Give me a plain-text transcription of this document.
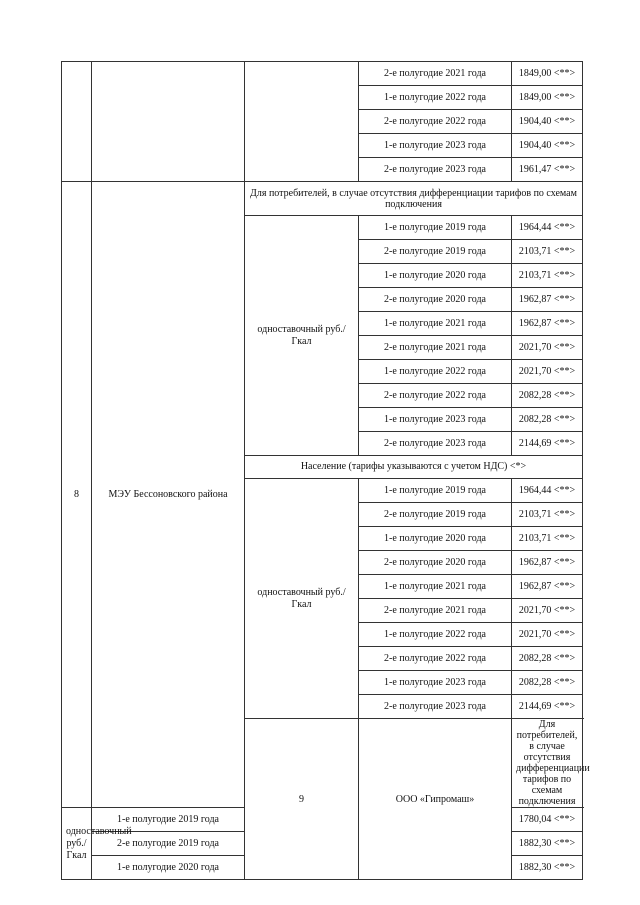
			2-е полугодие 2021 года	1849,00 <**>
			1-е полугодие 2022 года	1849,00 <**>
			2-е полугодие 2022 года	1904,40 <**>
			1-е полугодие 2023 года	1904,40 <**>
			2-е полугодие 2023 года	1961,47 <**>
8	МЭУ Бессоновского района	Для потребителей, в случае отсутствия дифференциации тарифов по схемам подключения		
		одноставочный руб./Гкал	1-е полугодие 2019 года	1964,44 <**>
			2-е полугодие 2019 года	2103,71 <**>
			1-е полугодие 2020 года	2103,71 <**>
			2-е полугодие 2020 года	1962,87 <**>
			1-е полугодие 2021 года	1962,87 <**>
			2-е полугодие 2021 года	2021,70 <**>
			1-е полугодие 2022 года	2021,70 <**>
			2-е полугодие 2022 года	2082,28 <**>
			1-е полугодие 2023 года	2082,28 <**>
			2-е полугодие 2023 года	2144,69 <**>
		Население (тарифы указываются с учетом НДС) <*>		
		одноставочный руб./Гкал	1-е полугодие 2019 года	1964,44 <**>
			2-е полугодие 2019 года	2103,71 <**>
			1-е полугодие 2020 года	2103,71 <**>
			2-е полугодие 2020 года	1962,87 <**>
			1-е полугодие 2021 года	1962,87 <**>
			2-е полугодие 2021 года	2021,70 <**>
			1-е полугодие 2022 года	2021,70 <**>
			2-е полугодие 2022 года	2082,28 <**>
			1-е полугодие 2023 года	2082,28 <**>
			2-е полугодие 2023 года	2144,69 <**>
		9	ООО «Гипромаш»	Для потребителей, в случае отсутствия дифференциации тарифов по схемам подключения
одноставочный руб./Гкал	1-е полугодие 2019 года			1780,04 <**>
	2-е полугодие 2019 года			1882,30 <**>
	1-е полугодие 2020 года			1882,30 <**>
